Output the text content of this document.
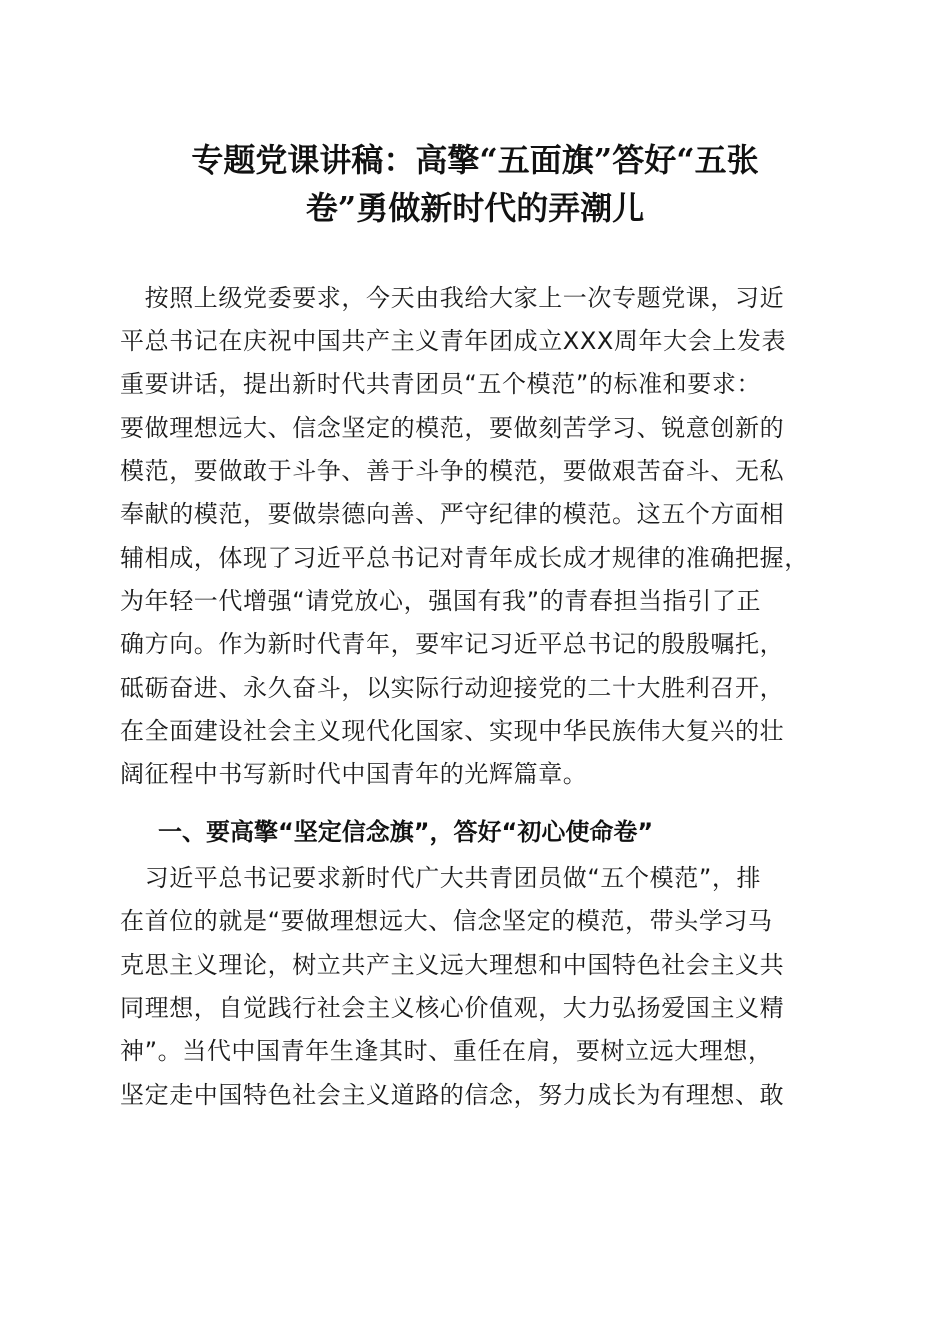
专题党课讲稿：高擎“五面旗”答好“五张
卷”勇做新时代的弄潮儿
　按照上级党委要求，今天由我给大家上一次专题党课，习近
平总书记在庆祝中国共产主义青年团成立XXX周年大会上发表
重要讲话，提出新时代共青团员“五个模范”的标准和要求：
要做理想远大、信念坚定的模范，要做刻苦学习、锐意创新的
模范，要做敢于斗争、善于斗争的模范，要做艰苦奋斗、无私
奉献的模范，要做崇德向善、严守纪律的模范。这五个方面相
辅相成，体现了习近平总书记对青年成长成才规律的准确把握，
为年轻一代增强“请党放心，强国有我”的青春担当指引了正
确方向。作为新时代青年，要牢记习近平总书记的殷殷嘱托，
砥砺奋进、永久奋斗，以实际行动迎接党的二十大胜利召开，
在全面建设社会主义现代化国家、实现中华民族伟大复兴的壮
阔征程中书写新时代中国青年的光辉篇章。
一、要高擎“坚定信念旗”，答好“初心使命卷”
　习近平总书记要求新时代广大共青团员做“五个模范”，排
在首位的就是“要做理想远大、信念坚定的模范，带头学习马
克思主义理论，树立共产主义远大理想和中国特色社会主义共
同理想，自觉践行社会主义核心价值观，大力弘扬爱国主义精
神”。当代中国青年生逢其时、重任在肩，要树立远大理想，
坚定走中国特色社会主义道路的信念，努力成长为有理想、敢
